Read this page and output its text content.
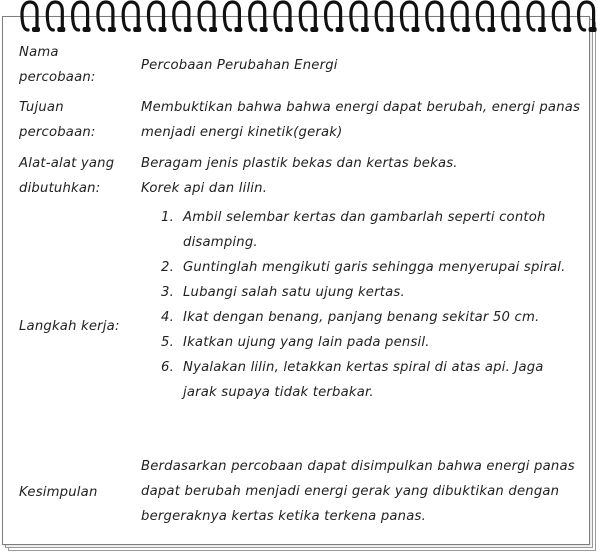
Nama percobaan:
Percobaan Perubahan Energi
Tujuan percobaan:
Membuktikan bahwa bahwa energi dapat berubah, energi panas menjadi energi kinetik(gerak)
Alat-alat yang dibutuhkan:
Beragam jenis plastik bekas dan kertas bekas.
Korek api dan lilin.
Langkah kerja:
1. Ambil selembar kertas dan gambarlah seperti contoh disamping.
2. Guntinglah mengikuti garis sehingga menyerupai spiral.
3. Lubangi salah satu ujung kertas.
4. Ikat dengan benang, panjang benang sekitar 50 cm.
5. Ikatkan ujung yang lain pada pensil.
6. Nyalakan lilin, letakkan kertas spiral di atas api. Jaga jarak supaya tidak terbakar.
Kesimpulan
Berdasarkan percobaan dapat disimpulkan bahwa energi panas dapat berubah menjadi energi gerak yang dibuktikan dengan bergeraknya kertas ketika terkena panas.
